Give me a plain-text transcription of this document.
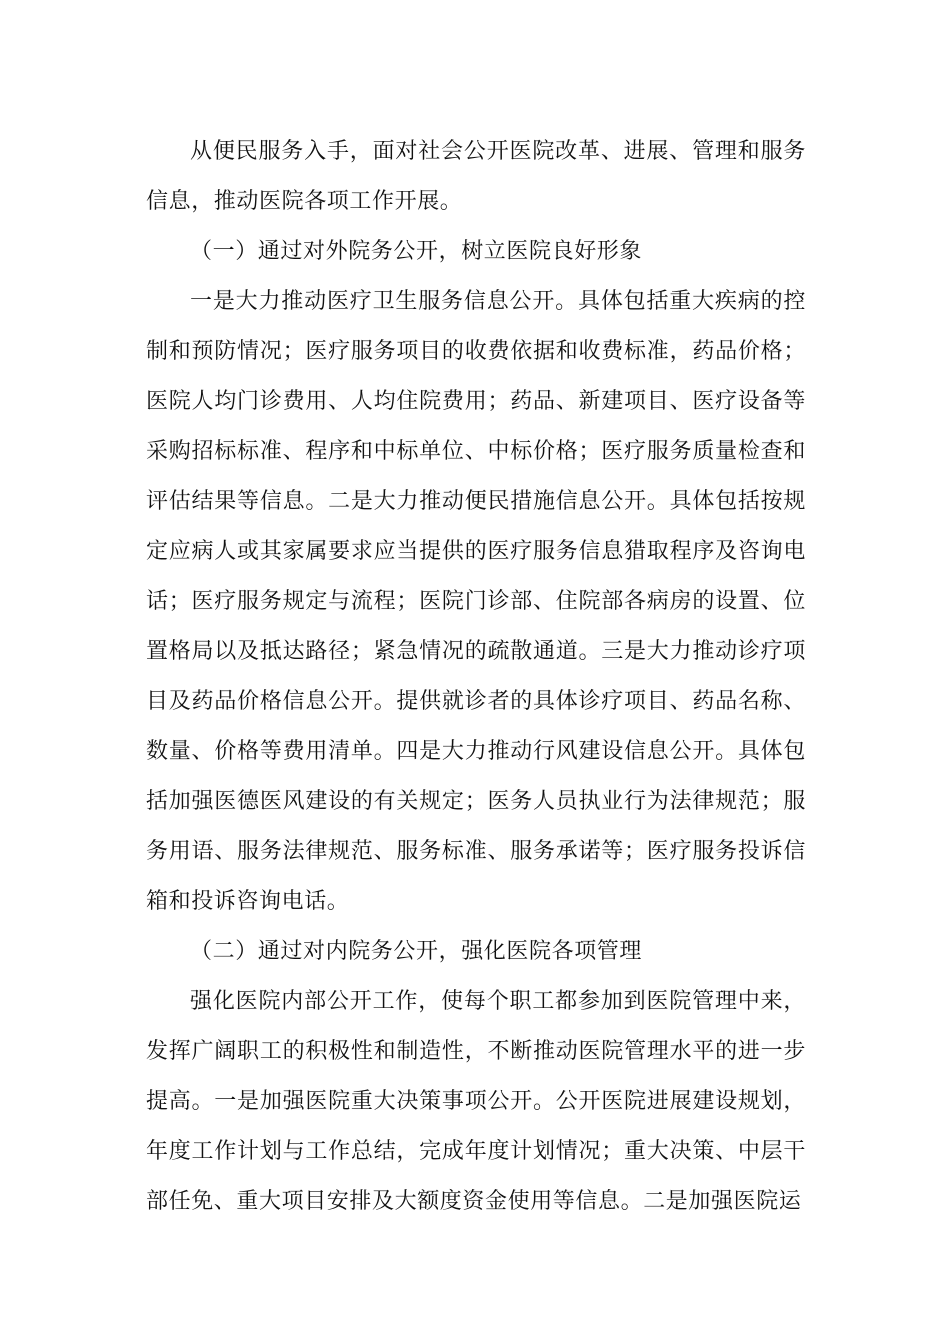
从便民服务入手，面对社会公开医院改革、进展、管理和服务信息，推动医院各项工作开展。

（一）通过对外院务公开，树立医院良好形象

一是大力推动医疗卫生服务信息公开。具体包括重大疾病的控制和预防情况；医疗服务项目的收费依据和收费标准，药品价格；医院人均门诊费用、人均住院费用；药品、新建项目、医疗设备等采购招标标准、程序和中标单位、中标价格；医疗服务质量检查和评估结果等信息。二是大力推动便民措施信息公开。具体包括按规定应病人或其家属要求应当提供的医疗服务信息猎取程序及咨询电话；医疗服务规定与流程；医院门诊部、住院部各病房的设置、位置格局以及抵达路径；紧急情况的疏散通道。三是大力推动诊疗项目及药品价格信息公开。提供就诊者的具体诊疗项目、药品名称、数量、价格等费用清单。四是大力推动行风建设信息公开。具体包括加强医德医风建设的有关规定；医务人员执业行为法律规范；服务用语、服务法律规范、服务标准、服务承诺等；医疗服务投诉信箱和投诉咨询电话。

（二）通过对内院务公开，强化医院各项管理

强化医院内部公开工作，使每个职工都参加到医院管理中来，发挥广阔职工的积极性和制造性，不断推动医院管理水平的进一步提高。一是加强医院重大决策事项公开。公开医院进展建设规划，年度工作计划与工作总结，完成年度计划情况；重大决策、中层干部任免、重大项目安排及大额度资金使用等信息。二是加强医院运
